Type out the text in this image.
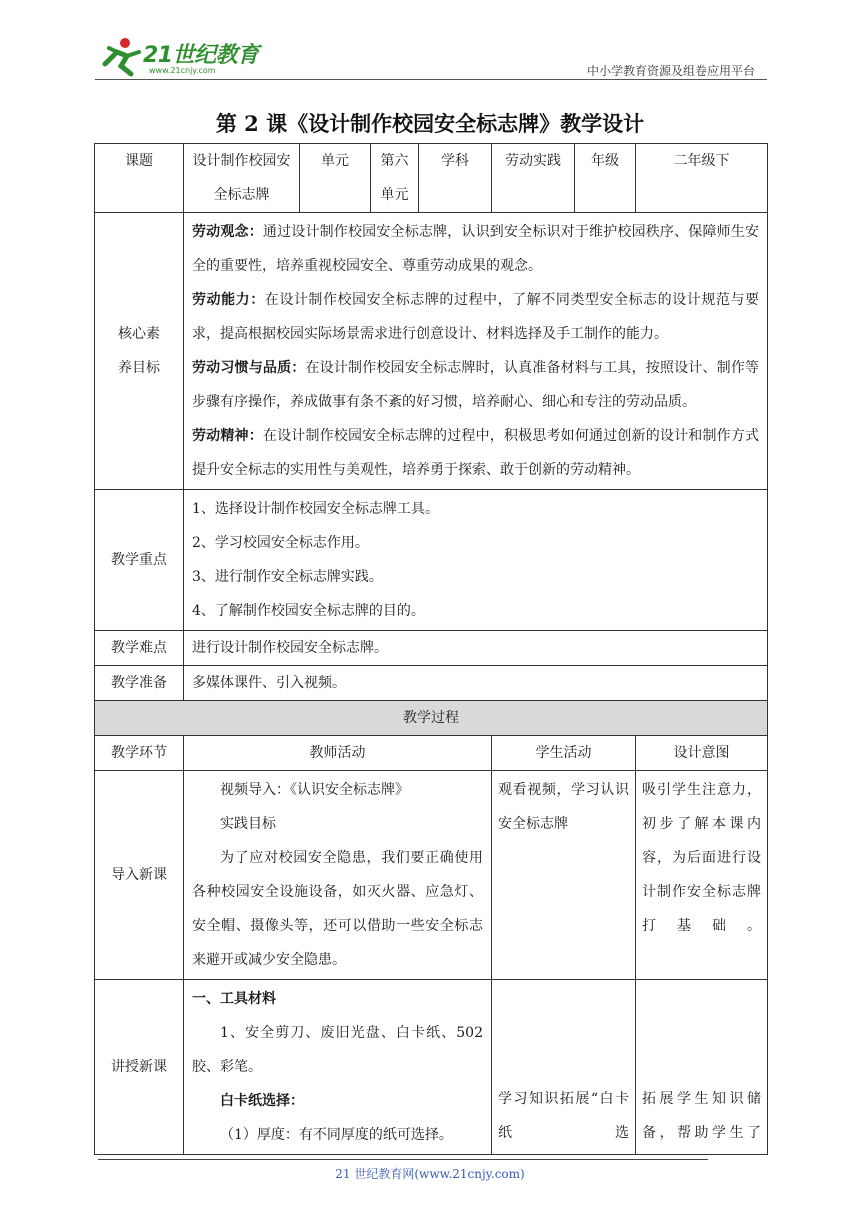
21世纪教育
www.21cnjy.com	中小学教育资源及组卷应用平台
第 2 课《设计制作校园安全标志牌》教学设计
课题	设计制作校园安全标志牌	单元	第六单元	学科	劳动实践	年级	二年级下
核心素养目标	劳动观念：通过设计制作校园安全标志牌，认识到安全标识对于维护校园秩序、保障师生安全的重要性，培养重视校园安全、尊重劳动成果的观念。
劳动能力：在设计制作校园安全标志牌的过程中，了解不同类型安全标志的设计规范与要求，提高根据校园实际场景需求进行创意设计、材料选择及手工制作的能力。
劳动习惯与品质：在设计制作校园安全标志牌时，认真准备材料与工具，按照设计、制作等步骤有序操作，养成做事有条不紊的好习惯，培养耐心、细心和专注的劳动品质。
劳动精神：在设计制作校园安全标志牌的过程中，积极思考如何通过创新的设计和制作方式提升安全标志的实用性与美观性，培养勇于探索、敢于创新的劳动精神。						

教学重点	1、选择设计制作校园安全标志牌工具。
2、学习校园安全标志作用。
3、进行制作安全标志牌实践。
4、了解制作校园安全标志牌的目的。						

教学难点	进行设计制作校园安全标志牌。						
教学准备	多媒体课件、引入视频。						
教学过程							
教学环节	教师活动				学生活动		设计意图
导入新课	视频导入：《认识安全标志牌》
实践目标
为了应对校园安全隐患，我们要正确使用各种校园安全设施设备，如灭火器、应急灯、安全帽、摄像头等，还可以借助一些安全标志来避开或减少安全隐患。				观看视频，学习认识安全标志牌		吸引学生注意力，初步了解本课内容，为后面进行设计制作安全标志牌打基础。
讲授新课	一、工具材料
1、安全剪刀、废旧光盘、白卡纸、502 胶、彩笔。
白卡纸选择：
（1）厚度：有不同厚度的纸可选择。				学习知识拓展“白卡纸选		拓展学生知识储备，帮助学生了
21 世纪教育网(www.21cnjy.com)
